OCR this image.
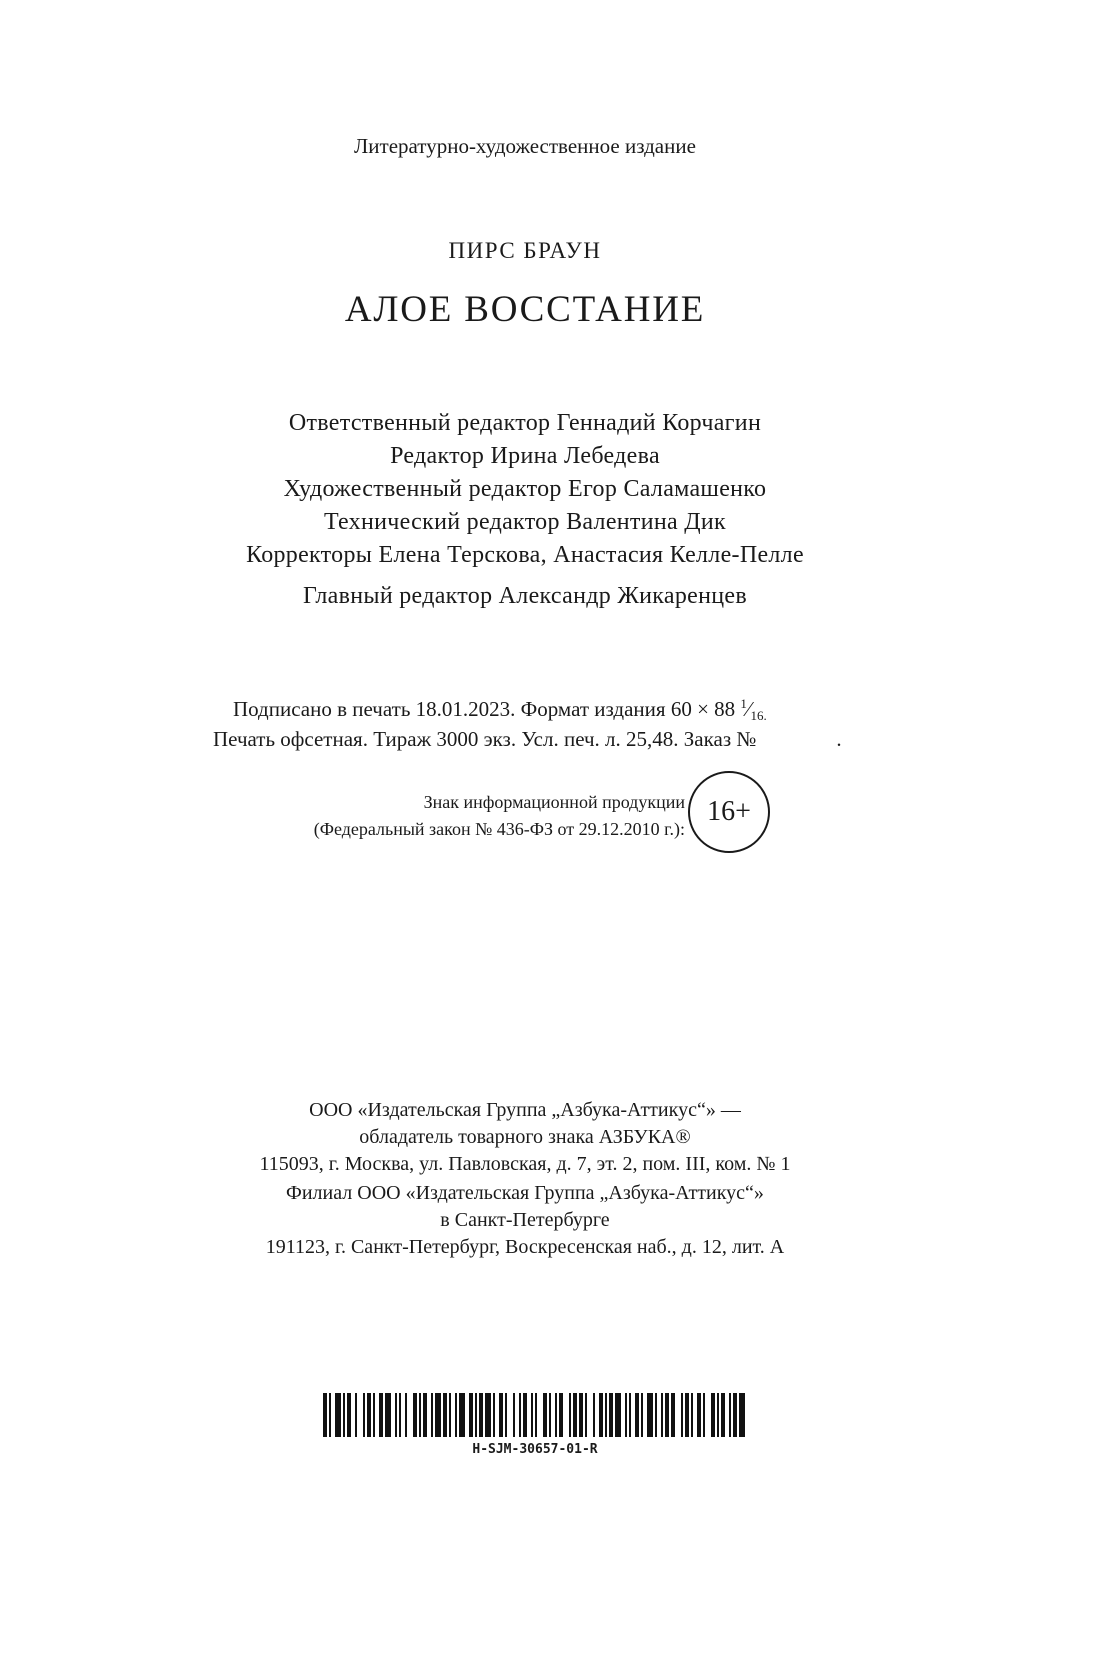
Литературно-художественное издание
ПИРС БРАУН
АЛОЕ ВОССТАНИЕ
Ответственный редактор Геннадий Корчагин
Редактор Ирина Лебедева
Художественный редактор Егор Саламашенко
Технический редактор Валентина Дик
Корректоры Елена Терскова, Анастасия Келле-Пелле
Главный редактор Александр Жикаренцев
Подписано в печать 18.01.2023. Формат издания 60 × 88 $^1⁄_{16.}$
Печать офсетная. Тираж 3000 экз. Усл. печ. л. 25,48. Заказ №	.
Знак информационной продукции
(Федеральный закон № 436-ФЗ от 29.12.2010 г.):
16+
ООО «Издательская Группа „Азбука-Аттикус“» —
обладатель товарного знака АЗБУКА®
115093, г. Москва, ул. Павловская, д. 7, эт. 2, пом. III, ком. № 1
Филиал ООО «Издательская Группа „Азбука-Аттикус“»
в Санкт-Петербурге
191123, г. Санкт-Петербург, Воскресенская наб., д. 12, лит. А
H-SJM-30657-01-R
